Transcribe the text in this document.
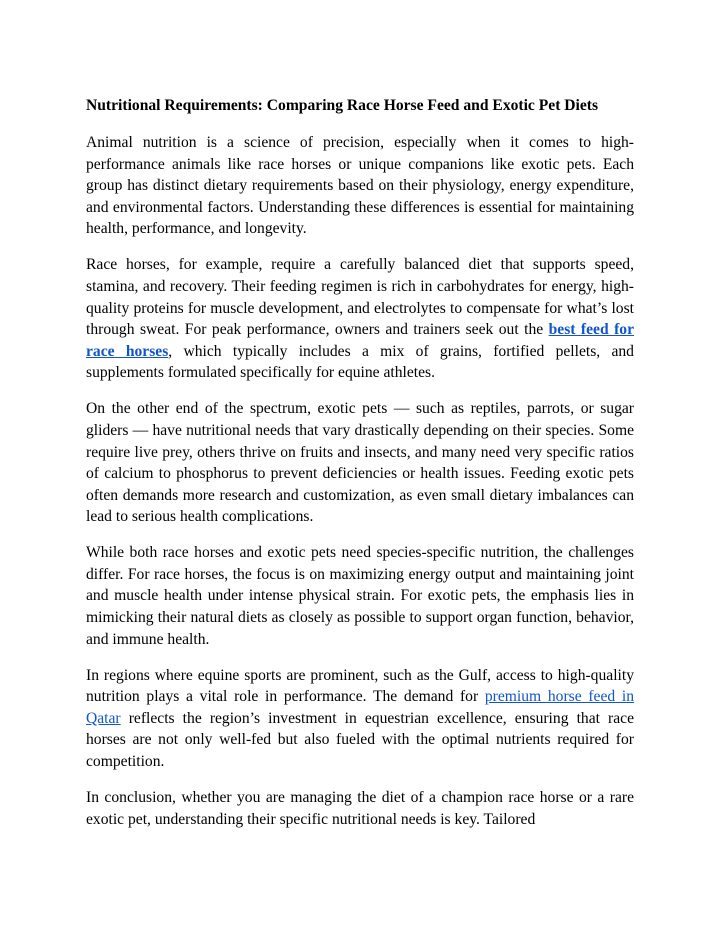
Nutritional Requirements: Comparing Race Horse Feed and Exotic Pet Diets

Animal nutrition is a science of precision, especially when it comes to high-performance animals like race horses or unique companions like exotic pets. Each group has distinct dietary requirements based on their physiology, energy expenditure, and environmental factors. Understanding these differences is essential for maintaining health, performance, and longevity.

Race horses, for example, require a carefully balanced diet that supports speed, stamina, and recovery. Their feeding regimen is rich in carbohydrates for energy, high-quality proteins for muscle development, and electrolytes to compensate for what’s lost through sweat. For peak performance, owners and trainers seek out the best feed for race horses, which typically includes a mix of grains, fortified pellets, and supplements formulated specifically for equine athletes.

On the other end of the spectrum, exotic pets — such as reptiles, parrots, or sugar gliders — have nutritional needs that vary drastically depending on their species. Some require live prey, others thrive on fruits and insects, and many need very specific ratios of calcium to phosphorus to prevent deficiencies or health issues. Feeding exotic pets often demands more research and customization, as even small dietary imbalances can lead to serious health complications.

While both race horses and exotic pets need species-specific nutrition, the challenges differ. For race horses, the focus is on maximizing energy output and maintaining joint and muscle health under intense physical strain. For exotic pets, the emphasis lies in mimicking their natural diets as closely as possible to support organ function, behavior, and immune health.

In regions where equine sports are prominent, such as the Gulf, access to high-quality nutrition plays a vital role in performance. The demand for premium horse feed in Qatar reflects the region’s investment in equestrian excellence, ensuring that race horses are not only well-fed but also fueled with the optimal nutrients required for competition.

In conclusion, whether you are managing the diet of a champion race horse or a rare exotic pet, understanding their specific nutritional needs is key. Tailored
